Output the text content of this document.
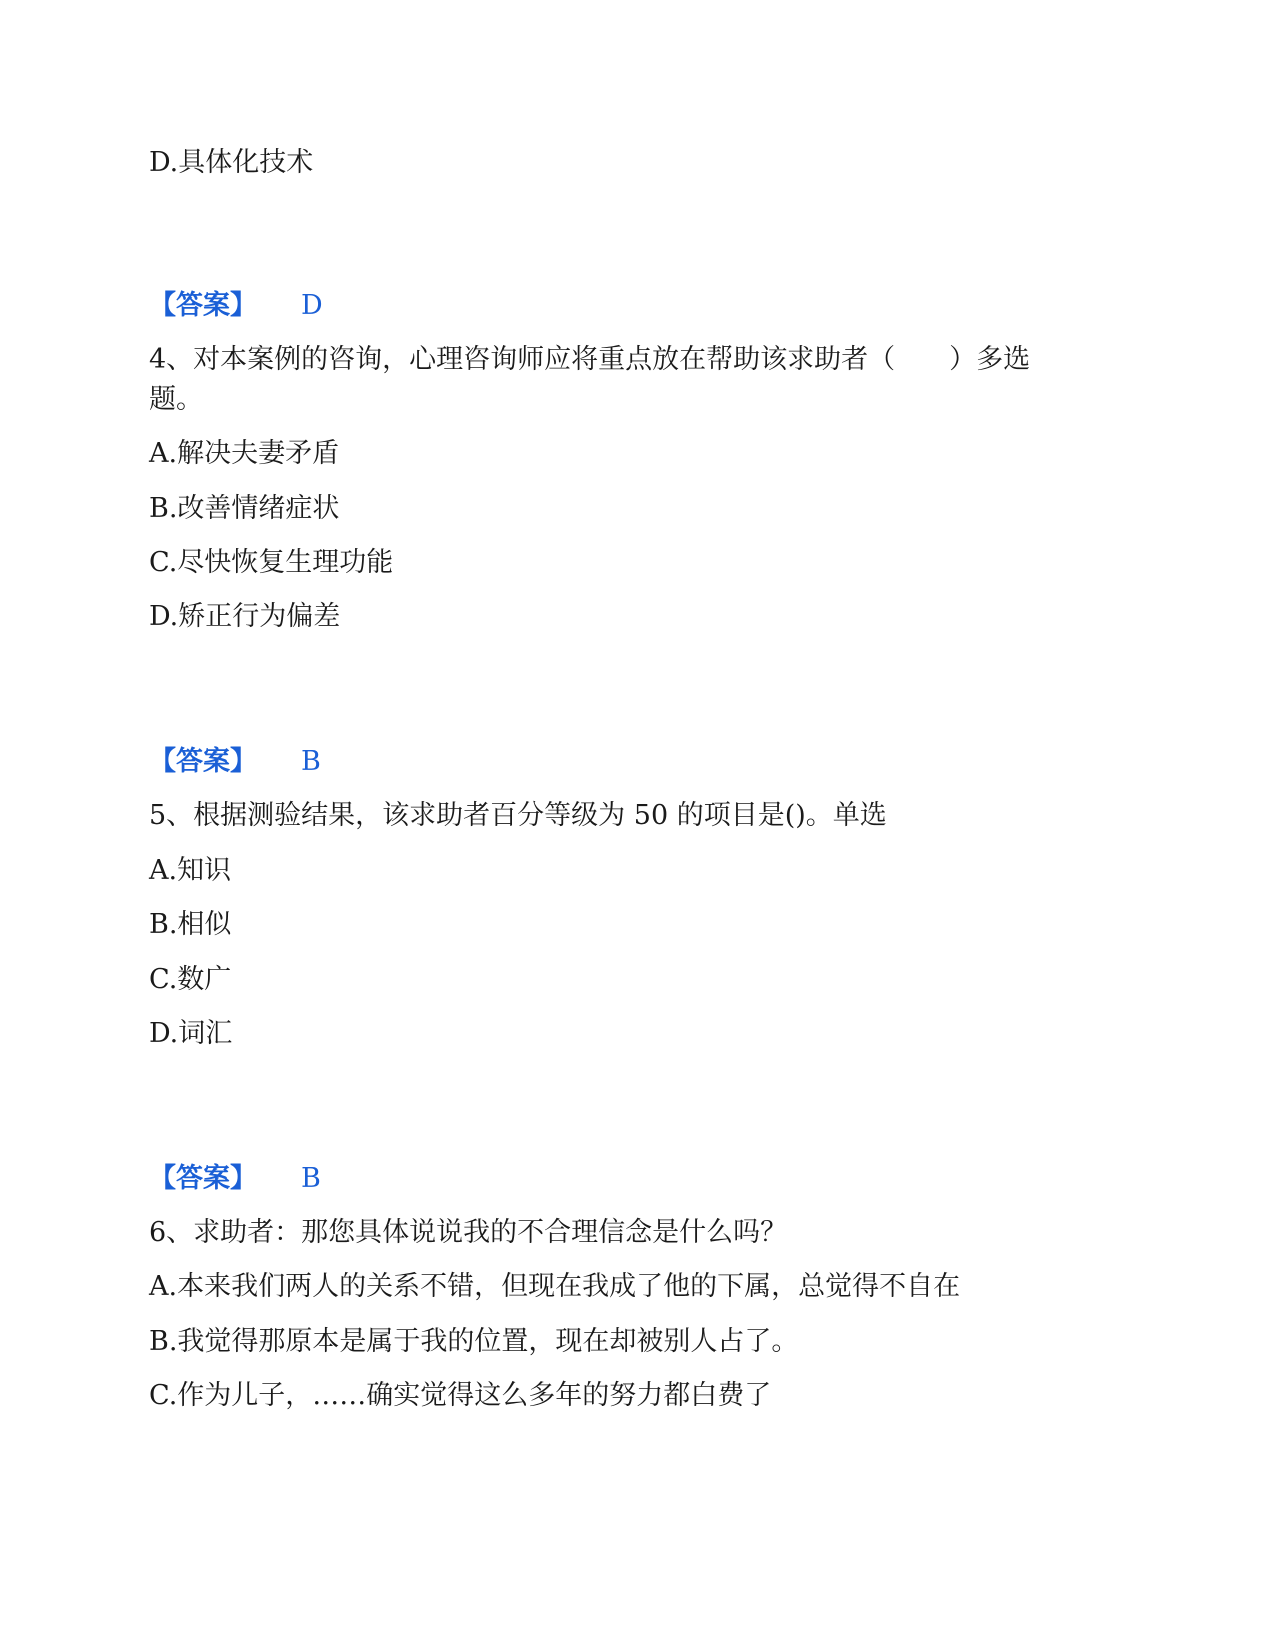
D.具体化技术
【答案】 D
4、对本案例的咨询，心理咨询师应将重点放在帮助该求助者（　　）多选
题。
A.解决夫妻矛盾
B.改善情绪症状
C.尽快恢复生理功能
D.矫正行为偏差
【答案】 B
5、根据测验结果，该求助者百分等级为 50 的项目是()。单选
A.知识
B.相似
C.数广
D.词汇
【答案】 B
6、求助者：那您具体说说我的不合理信念是什么吗？
A.本来我们两人的关系不错，但现在我成了他的下属，总觉得不自在
B.我觉得那原本是属于我的位置，现在却被别人占了。
C.作为儿子，……确实觉得这么多年的努力都白费了
